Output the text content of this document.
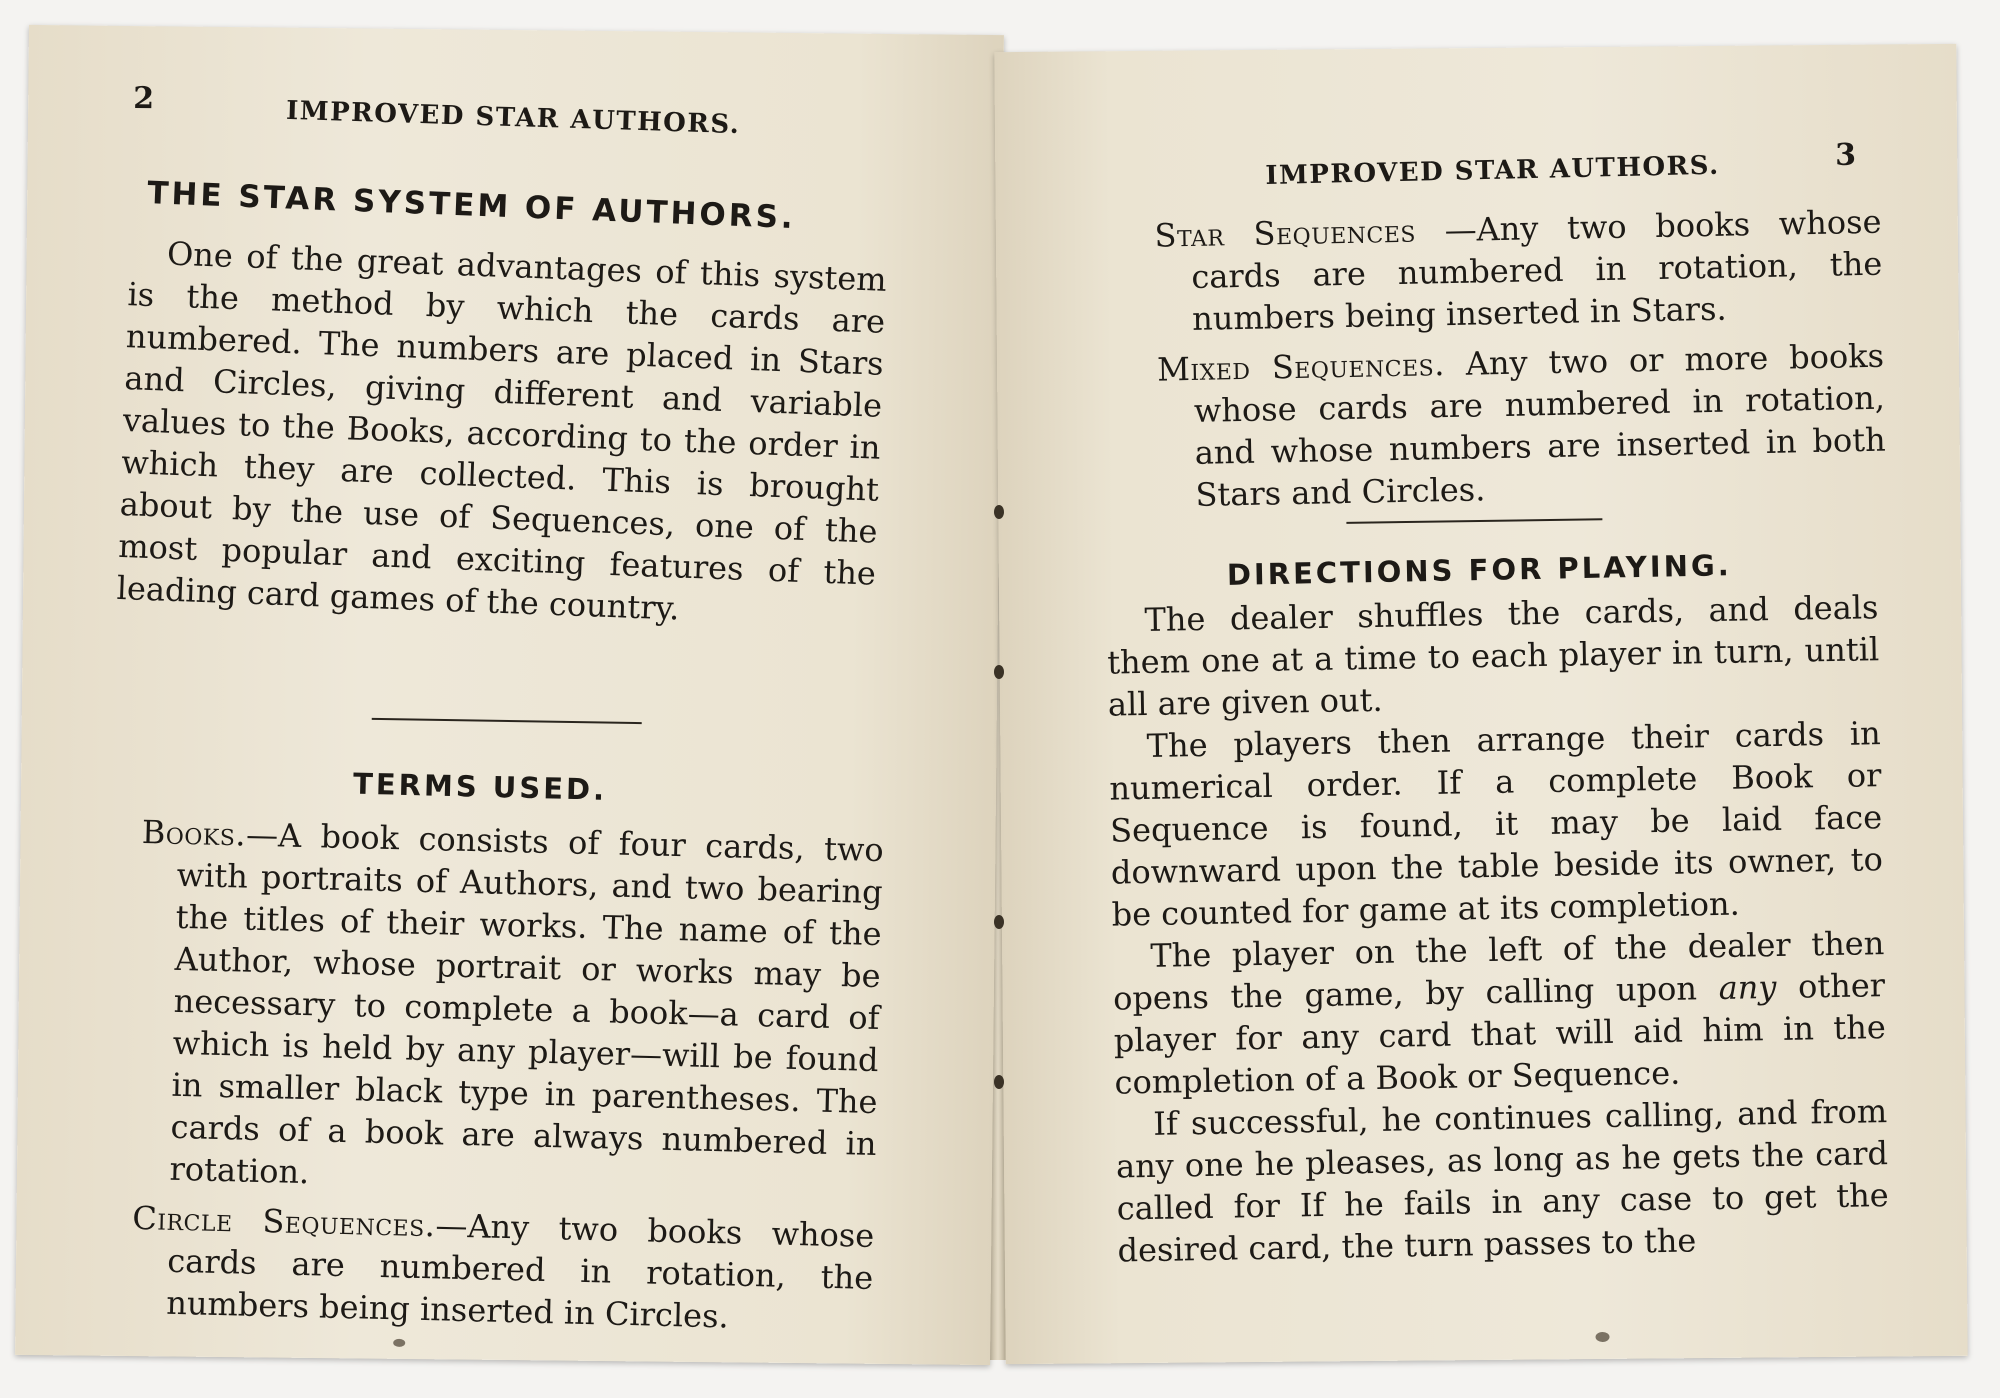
2	IMPROVED STAR AUTHORS.
THE STAR SYSTEM OF AUTHORS.

One of the great advantages of this system is the method by which the cards are numbered. The numbers are placed in Stars and Circles, giving different and variable values to the Books, according to the order in which they are collected. This is brought about by the use of Sequences, one of the most popular and exciting features of the leading card games of the country.

TERMS USED.
Books.—A book consists of four cards, two with portraits of Authors, and two bearing the titles of their works. The name of the Author, whose portrait or works may be necessary to complete a book—a card of which is held by any player—will be found in smaller black type in parentheses. The cards of a book are always numbered in rotation.
Circle Sequences.—Any two books whose cards are numbered in rotation, the numbers being inserted in Circles.
IMPROVED STAR AUTHORS.	3
Star Sequences —Any two books whose cards are numbered in rotation, the numbers being inserted in Stars.
Mixed Sequences. Any two or more books whose cards are numbered in rotation, and whose numbers are inserted in both Stars and Circles.
DIRECTIONS FOR PLAYING.

The dealer shuffles the cards, and deals them one at a time to each player in turn, until all are given out.

The players then arrange their cards in numerical order. If a complete Book or Sequence is found, it may be laid face downward upon the table beside its owner, to be counted for game at its completion.

The player on the left of the dealer then opens the game, by calling upon any other player for any card that will aid him in the completion of a Book or Sequence.

If successful, he continues calling, and from any one he pleases, as long as he gets the card called for If he fails in any case to get the desired card, the turn passes to the
